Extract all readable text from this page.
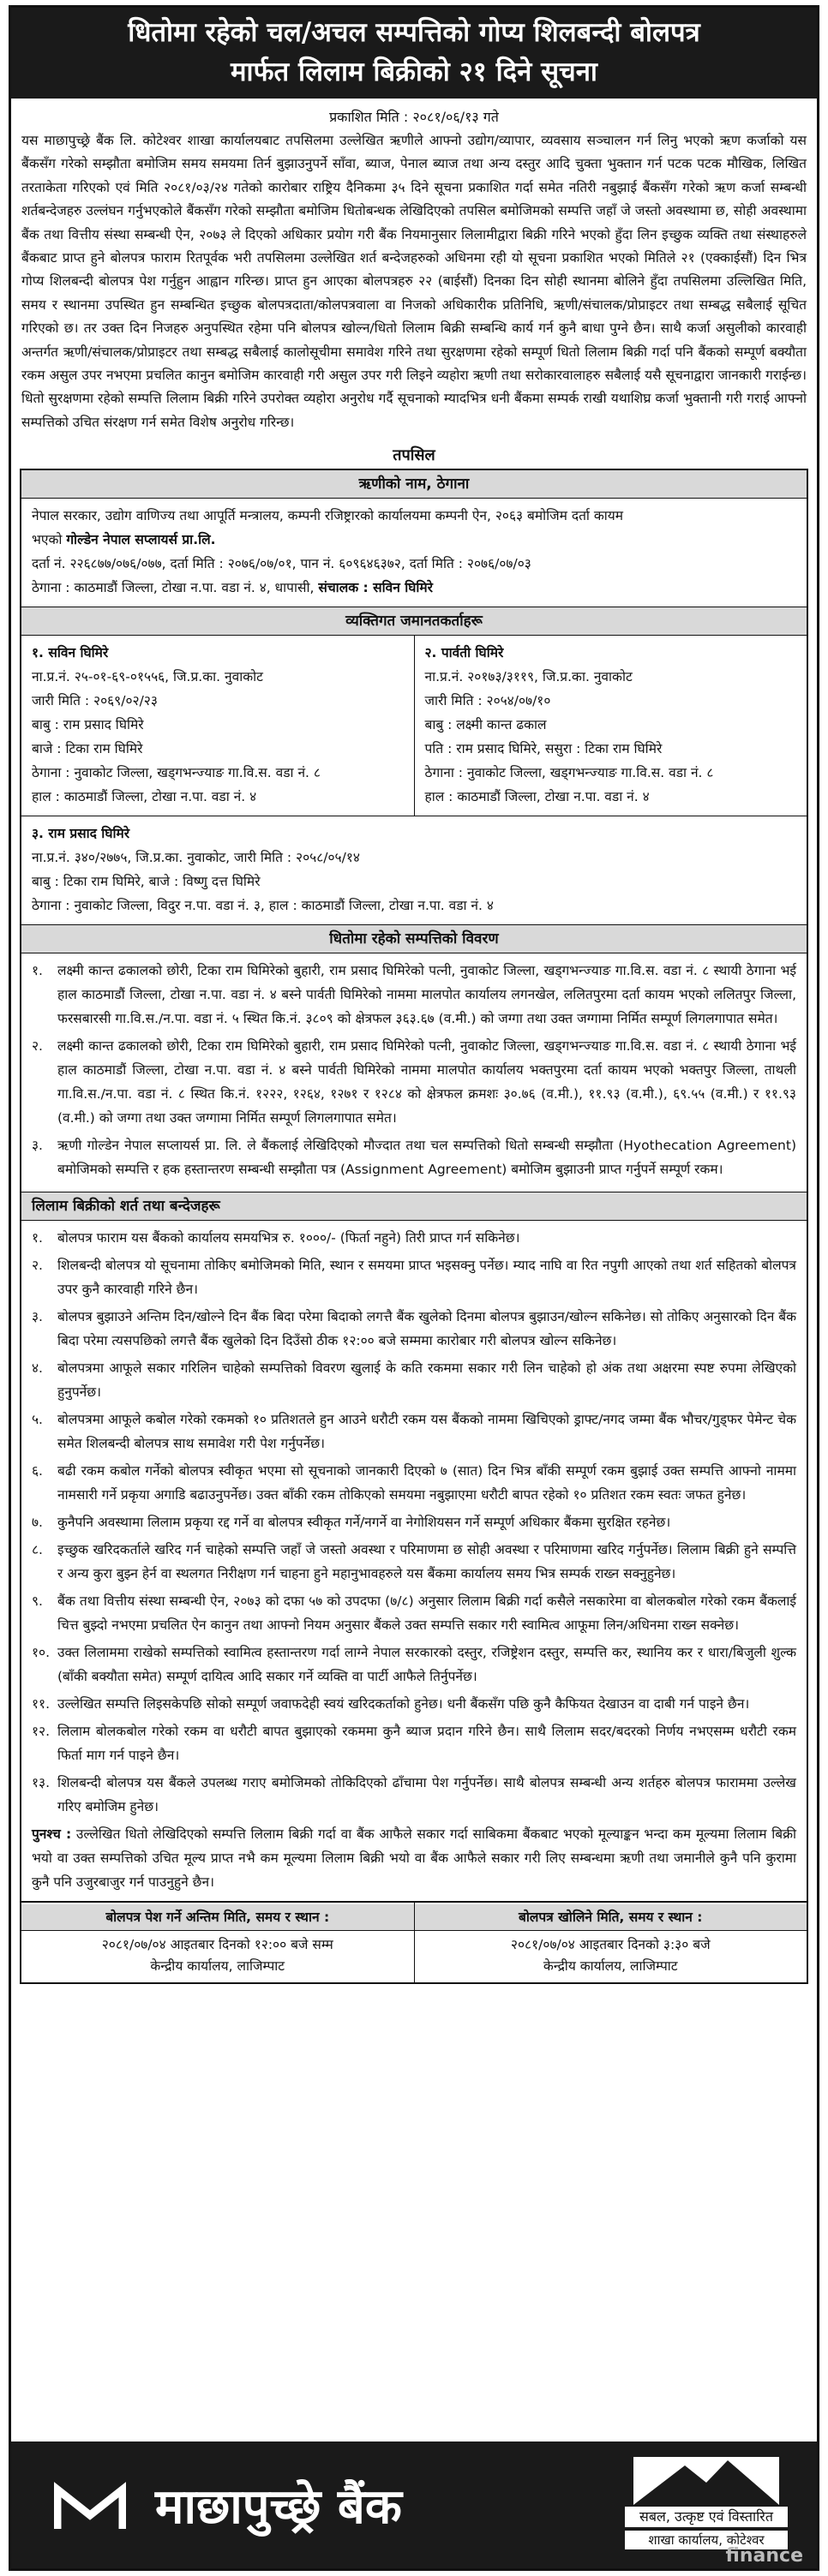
धितोमा रहेको चल/अचल सम्पत्तिको गोप्य शिलबन्दी बोलपत्र
मार्फत लिलाम बिक्रीको २१ दिने सूचना
प्रकाशित मिति : २०८१/०६/१३ गते
यस माछापुच्छ्रे बैंक लि. कोटेश्वर शाखा कार्यालयबाट तपसिलमा उल्लेखित ऋणीले आफ्नो उद्योग/व्यापार, व्यवसाय सञ्चालन गर्न लिनु भएको ऋण कर्जाको यस बैंकसँग गरेको सम्झौता बमोजिम समय समयमा तिर्न बुझाउनुपर्ने साँवा, ब्याज, पेनाल ब्याज तथा अन्य दस्तुर आदि चुक्ता भुक्तान गर्न पटक पटक मौखिक, लिखित तरताकेता गरिएको एवं मिति २०८१/०३/२४ गतेको कारोबार राष्ट्रिय दैनिकमा ३५ दिने सूचना प्रकाशित गर्दा समेत नतिरी नबुझाई बैंकसँग गरेको ऋण कर्जा सम्बन्धी शर्तबन्देजहरु उल्लंघन गर्नुभएकोले बैंकसँग गरेको सम्झौता बमोजिम धितोबन्धक लेखिदिएको तपसिल बमोजिमको सम्पत्ति जहाँ जे जस्तो अवस्थामा छ, सोही अवस्थामा बैंक तथा वित्तीय संस्था सम्बन्धी ऐन, २०७३ ले दिएको अधिकार प्रयोग गरी बैंक नियमानुसार लिलामीद्वारा बिक्री गरिने भएको हुँदा लिन इच्छुक व्यक्ति तथा संस्थाहरुले बैंकबाट प्राप्त हुने बोलपत्र फाराम रितपूर्वक भरी तपसिलमा उल्लेखित शर्त बन्देजहरुको अधिनमा रही यो सूचना प्रकाशित भएको मितिले २१ (एक्काईसौं) दिन भित्र गोप्य शिलबन्दी बोलपत्र पेश गर्नुहुन आह्वान गरिन्छ। प्राप्त हुन आएका बोलपत्रहरु २२ (बाईसौं) दिनका दिन सोही स्थानमा बोलिने हुँदा तपसिलमा उल्लिखित मिति, समय र स्थानमा उपस्थित हुन सम्बन्धित इच्छुक बोलपत्रदाता/कोलपत्रवाला वा निजको अधिकारीक प्रतिनिधि, ऋणी/संचालक/प्रोप्राइटर तथा सम्बद्ध सबैलाई सूचित गरिएको छ। तर उक्त दिन निजहरु अनुपस्थित रहेमा पनि बोलपत्र खोल्न/धितो लिलाम बिक्री सम्बन्धि कार्य गर्न कुनै बाधा पुग्ने छैन। साथै कर्जा असुलीको कारवाही अन्तर्गत ऋणी/संचालक/प्रोप्राइटर तथा सम्बद्ध सबैलाई कालोसूचीमा समावेश गरिने तथा सुरक्षणमा रहेको सम्पूर्ण धितो लिलाम बिक्री गर्दा पनि बैंकको सम्पूर्ण बक्यौता रकम असुल उपर नभएमा प्रचलित कानुन बमोजिम कारवाही गरी असुल उपर गरी लिइने व्यहोरा ऋणी तथा सरोकारवालाहरु सबैलाई यसै सूचनाद्वारा जानकारी गराईन्छ। धितो सुरक्षणमा रहेको सम्पत्ति लिलाम बिक्री गरिने उपरोक्त व्यहोरा अनुरोध गर्दै सूचनाको म्यादभित्र धनी बैंकमा सम्पर्क राखी यथाशिघ्र कर्जा भुक्तानी गरी गराई आफ्नो सम्पत्तिको उचित संरक्षण गर्न समेत विशेष अनुरोध गरिन्छ।
तपसिल
ऋणीको नाम, ठेगाना
नेपाल सरकार, उद्योग वाणिज्य तथा आपूर्ति मन्त्रालय, कम्पनी रजिष्ट्रारको कार्यालयमा कम्पनी ऐन, २०६३ बमोजिम दर्ता कायम
भएको गोल्डेन नेपाल सप्लायर्स प्रा.लि.
दर्ता नं. २२६८७७/०७६/०७७, दर्ता मिति : २०७६/०७/०१, पान नं. ६०९६४६३७२, दर्ता मिति : २०७६/०७/०३
ठेगाना : काठमाडौं जिल्ला, टोखा न.पा. वडा नं. ४, धापासी, संचालक : सविन घिमिरे
व्यक्तिगत जमानतकर्ताहरू
१. सविन घिमिरे
ना.प्र.नं. २५-०१-६९-०१५५६, जि.प्र.का. नुवाकोट
जारी मिति : २०६९/०२/२३
बाबु : राम प्रसाद घिमिरे
बाजे : टिका राम घिमिरे
ठेगाना : नुवाकोट जिल्ला, खड्गभन्ज्याङ गा.वि.स. वडा नं. ८
हाल : काठमाडौं जिल्ला, टोखा न.पा. वडा नं. ४
२. पार्वती घिमिरे
ना.प्र.नं. २०१७३/३११९, जि.प्र.का. नुवाकोट
जारी मिति : २०५४/०७/१०
बाबु : लक्ष्मी कान्त ढकाल
पति : राम प्रसाद घिमिरे, ससुरा : टिका राम घिमिरे
ठेगाना : नुवाकोट जिल्ला, खड्गभन्ज्याङ गा.वि.स. वडा नं. ८
हाल : काठमाडौं जिल्ला, टोखा न.पा. वडा नं. ४
३. राम प्रसाद घिमिरे
ना.प्र.नं. ३४०/२७७५, जि.प्र.का. नुवाकोट, जारी मिति : २०५८/०५/१४
बाबु : टिका राम घिमिरे, बाजे : विष्णु दत्त घिमिरे
ठेगाना : नुवाकोट जिल्ला, विदुर न.पा. वडा नं. ३, हाल : काठमाडौं जिल्ला, टोखा न.पा. वडा नं. ४
धितोमा रहेको सम्पत्तिको विवरण
१.	लक्ष्मी कान्त ढकालको छोरी, टिका राम घिमिरेको बुहारी, राम प्रसाद घिमिरेको पत्नी, नुवाकोट जिल्ला, खड्गभन्ज्याङ गा.वि.स. वडा नं. ८ स्थायी ठेगाना भई हाल काठमाडौं जिल्ला, टोखा न.पा. वडा नं. ४ बस्ने पार्वती घिमिरेको नाममा मालपोत कार्यालय लगनखेल, ललितपुरमा दर्ता कायम भएको ललितपुर जिल्ला, फरसबारसी गा.वि.स./न.पा. वडा नं. ५ स्थित कि.नं. ३८०९ को क्षेत्रफल ३६३.६७ (व.मी.) को जग्गा तथा उक्त जग्गामा निर्मित सम्पूर्ण लिगलगापात समेत।
२.	लक्ष्मी कान्त ढकालको छोरी, टिका राम घिमिरेको बुहारी, राम प्रसाद घिमिरेको पत्नी, नुवाकोट जिल्ला, खड्गभन्ज्याङ गा.वि.स. वडा नं. ८ स्थायी ठेगाना भई हाल काठमाडौं जिल्ला, टोखा न.पा. वडा नं. ४ बस्ने पार्वती घिमिरेको नाममा मालपोत कार्यालय भक्तपुरमा दर्ता कायम भएको भक्तपुर जिल्ला, ताथली गा.वि.स./न.पा. वडा नं. ८ स्थित कि.नं. १२२२, १२६४, १२७१ र १२८४ को क्षेत्रफल क्रमशः ३०.७६ (व.मी.), ११.९३ (व.मी.), ६९.५५ (व.मी.) र ११.९३ (व.मी.) को जग्गा तथा उक्त जग्गामा निर्मित सम्पूर्ण लिगलगापात समेत।
३.	ऋणी गोल्डेन नेपाल सप्लायर्स प्रा. लि. ले बैंकलाई लेखिदिएको मौज्दात तथा चल सम्पत्तिको धितो सम्बन्धी सम्झौता (Hyothecation Agreement) बमोजिमको सम्पत्ति र हक हस्तान्तरण सम्बन्धी सम्झौता पत्र (Assignment Agreement) बमोजिम बुझाउनी प्राप्त गर्नुपर्ने सम्पूर्ण रकम।
लिलाम बिक्रीको शर्त तथा बन्देजहरू
१.	बोलपत्र फाराम यस बैंकको कार्यालय समयभित्र रु. १०००/- (फिर्ता नहुने) तिरी प्राप्त गर्न सकिनेछ।
२.	शिलबन्दी बोलपत्र यो सूचनामा तोकिए बमोजिमको मिति, स्थान र समयमा प्राप्त भइसक्नु पर्नेछ। म्याद नाघि वा रित नपुगी आएको तथा शर्त सहितको बोलपत्र उपर कुनै कारवाही गरिने छैन।
३.	बोलपत्र बुझाउने अन्तिम दिन/खोल्ने दिन बैंक बिदा परेमा बिदाको लगत्तै बैंक खुलेको दिनमा बोलपत्र बुझाउन/खोल्न सकिनेछ। सो तोकिए अनुसारको दिन बैंक बिदा परेमा त्यसपछिको लगत्तै बैंक खुलेको दिन दिउँसो ठीक १२:०० बजे सम्ममा कारोबार गरी बोलपत्र खोल्न सकिनेछ।
४.	बोलपत्रमा आफूले सकार गरिलिन चाहेको सम्पत्तिको विवरण खुलाई के कति रकममा सकार गरी लिन चाहेको हो अंक तथा अक्षरमा स्पष्ट रुपमा लेखिएको हुनुपर्नेछ।
५.	बोलपत्रमा आफूले कबोल गरेको रकमको १० प्रतिशतले हुन आउने धरौटी रकम यस बैंकको नाममा खिचिएको ड्राफ्ट/नगद जम्मा बैंक भौचर/गुड्फर पेमेन्ट चेक समेत शिलबन्दी बोलपत्र साथ समावेश गरी पेश गर्नुपर्नेछ।
६.	बढी रकम कबोल गर्नेको बोलपत्र स्वीकृत भएमा सो सूचनाको जानकारी दिएको ७ (सात) दिन भित्र बाँकी सम्पूर्ण रकम बुझाई उक्त सम्पत्ति आफ्नो नाममा नामसारी गर्ने प्रकृया अगाडि बढाउनुपर्नेछ। उक्त बाँकी रकम तोकिएको समयमा नबुझाएमा धरौटी बापत रहेको १० प्रतिशत रकम स्वतः जफत हुनेछ।
७.	कुनैपनि अवस्थामा लिलाम प्रकृया रद्द गर्ने वा बोलपत्र स्वीकृत गर्ने/नगर्ने वा नेगोशियसन गर्ने सम्पूर्ण अधिकार बैंकमा सुरक्षित रहनेछ।
८.	इच्छुक खरिदकर्ताले खरिद गर्न चाहेको सम्पत्ति जहाँ जे जस्तो अवस्था र परिमाणमा छ सोही अवस्था र परिमाणमा खरिद गर्नुपर्नेछ। लिलाम बिक्री हुने सम्पत्ति र अन्य कुरा बुझ्न हेर्न वा स्थलगत निरीक्षण गर्न चाहना हुने महानुभावहरुले यस बैंकमा कार्यालय समय भित्र सम्पर्क राख्न सक्नुहुनेछ।
९.	बैंक तथा वित्तीय संस्था सम्बन्धी ऐन, २०७३ को दफा ५७ को उपदफा (७/८) अनुसार लिलाम बिक्री गर्दा कसैले नसकारेमा वा बोलकबोल गरेको रकम बैंकलाई चित्त बुझ्दो नभएमा प्रचलित ऐन कानुन तथा आफ्नो नियम अनुसार बैंकले उक्त सम्पत्ति सकार गरी स्वामित्व आफूमा लिन/अधिनमा राख्न सक्नेछ।
१०. उक्त लिलाममा राखेको सम्पत्तिको स्वामित्व हस्तान्तरण गर्दा लाग्ने नेपाल सरकारको दस्तुर, रजिष्ट्रेशन दस्तुर, सम्पत्ति कर, स्थानिय कर र धारा/बिजुली शुल्क (बाँकी बक्यौता समेत) सम्पूर्ण दायित्व आदि सकार गर्ने व्यक्ति वा पार्टी आफैले तिर्नुपर्नेछ।
११. उल्लेखित सम्पत्ति लिइसकेपछि सोको सम्पूर्ण जवाफदेही स्वयं खरिदकर्ताको हुनेछ। धनी बैंकसँग पछि कुनै कैफियत देखाउन वा दाबी गर्न पाइने छैन।
१२. लिलाम बोलकबोल गरेको रकम वा धरौटी बापत बुझाएको रकममा कुनै ब्याज प्रदान गरिने छैन। साथै लिलाम सदर/बदरको निर्णय नभएसम्म धरौटी रकम फिर्ता माग गर्न पाइने छैन।
१३. शिलबन्दी बोलपत्र यस बैंकले उपलब्ध गराए बमोजिमको तोकिदिएको ढाँचामा पेश गर्नुपर्नेछ। साथै बोलपत्र सम्बन्धी अन्य शर्तहरु बोलपत्र फाराममा उल्लेख गरिए बमोजिम हुनेछ।
पुनश्च : उल्लेखित धितो लेखिदिएको सम्पत्ति लिलाम बिक्री गर्दा वा बैंक आफैले सकार गर्दा साबिकमा बैंकबाट भएको मूल्याङ्कन भन्दा कम मूल्यमा लिलाम बिक्री भयो वा उक्त सम्पत्तिको उचित मूल्य प्राप्त नभै कम मूल्यमा लिलाम बिक्री भयो वा बैंक आफैले सकार गरी लिए सम्बन्धमा ऋणी तथा जमानीले कुनै पनि कुरामा कुनै पनि उजुरबाजुर गर्न पाउनुहुने छैन।
बोलपत्र पेश गर्ने अन्तिम मिति, समय र स्थान :
२०८१/०७/०४ आइतबार दिनको १२:०० बजे सम्म
केन्द्रीय कार्यालय, लाजिम्पाट
बोलपत्र खोलिने मिति, समय र स्थान :
२०८१/०७/०४ आइतबार दिनको ३:३० बजे
केन्द्रीय कार्यालय, लाजिम्पाट
माछापुच्छ्रे बैंक	सबल, उत्कृष्ट एवं विस्तारित
शाखा कार्यालय, कोटेश्वर
finance
